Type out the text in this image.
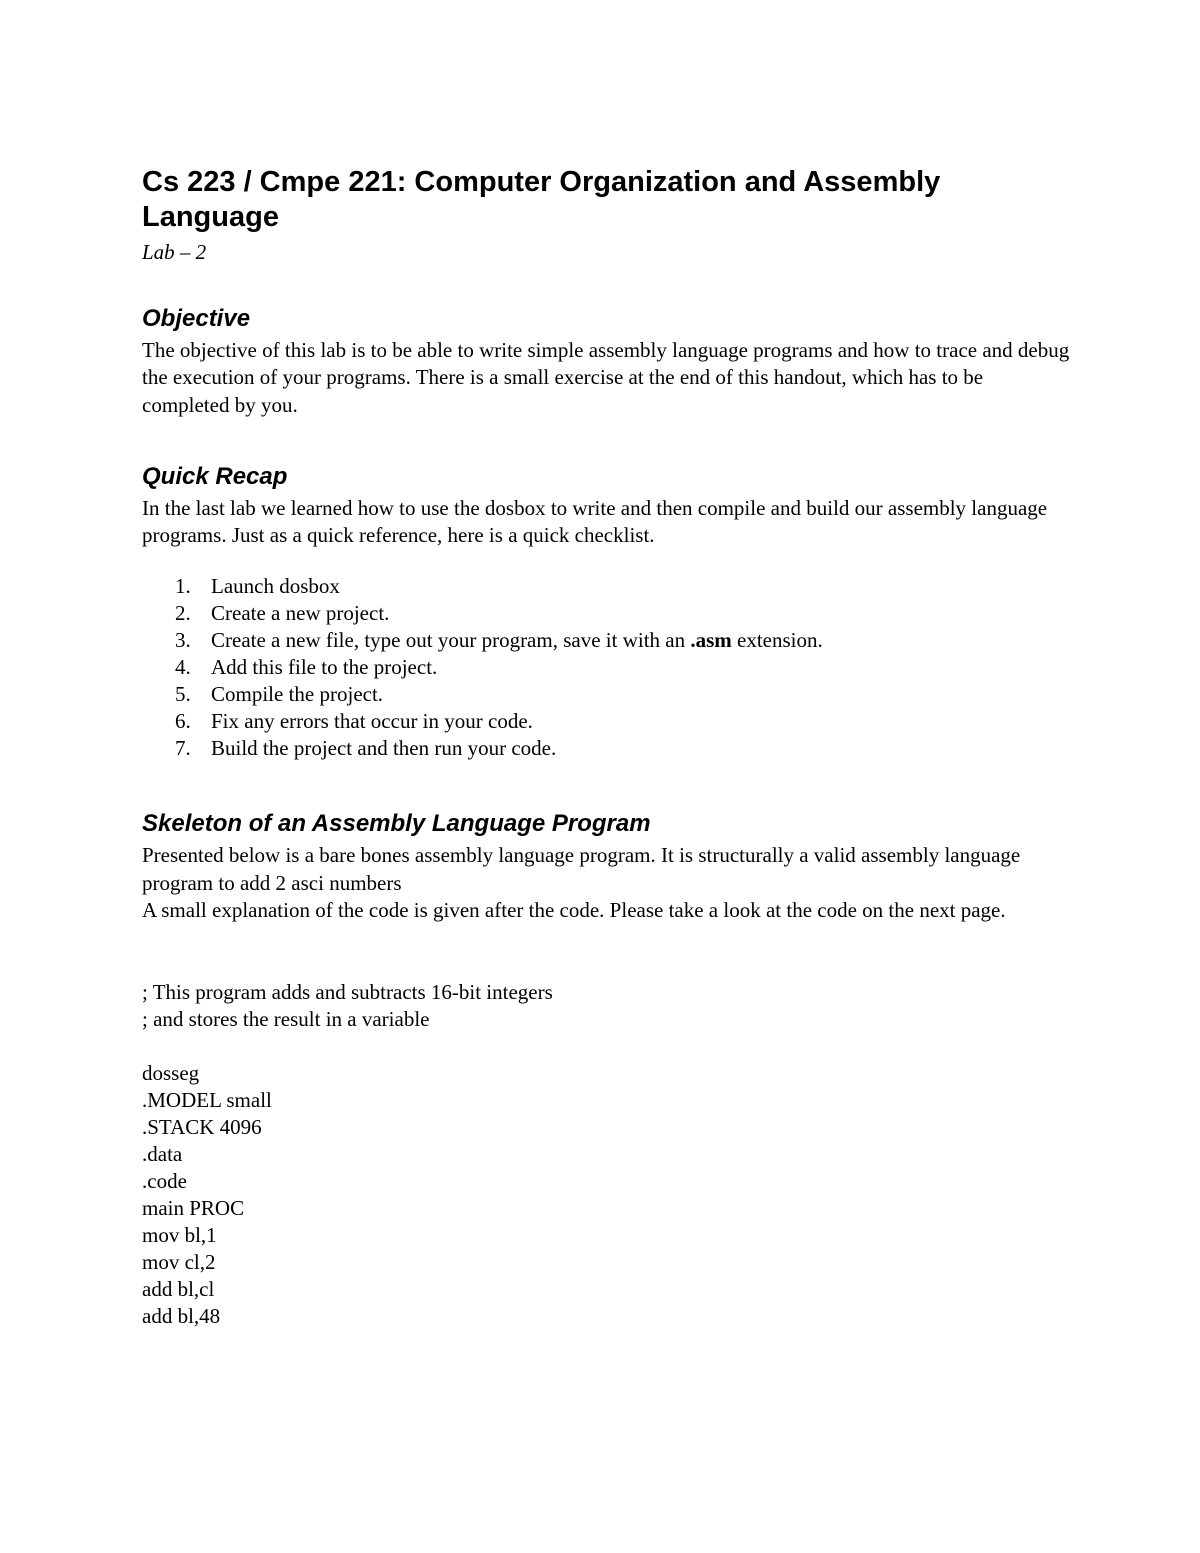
Cs 223 / Cmpe 221: Computer Organization and Assembly Language

Lab – 2

Objective

The objective of this lab is to be able to write simple assembly language programs and how to trace and debug the execution of your programs. There is a small exercise at the end of this handout, which has to be completed by you.

Quick Recap

In the last lab we learned how to use the dosbox to write and then compile and build our assembly language programs. Just as a quick reference, here is a quick checklist.

1. Launch dosbox
2. Create a new project.
3. Create a new file, type out your program, save it with an .asm extension.
4. Add this file to the project.
5. Compile the project.
6. Fix any errors that occur in your code.
7. Build the project and then run your code.
Skeleton of an Assembly Language Program

Presented below is a bare bones assembly language program. It is structurally a valid assembly language program to add 2 asci numbers

A small explanation of the code is given after the code. Please take a look at the code on the next page.

; This program adds and subtracts 16-bit integers
; and stores the result in a variable
dosseg
.MODEL small
.STACK 4096
.data
.code
main PROC
mov bl,1
mov cl,2
add bl,cl
add bl,48
